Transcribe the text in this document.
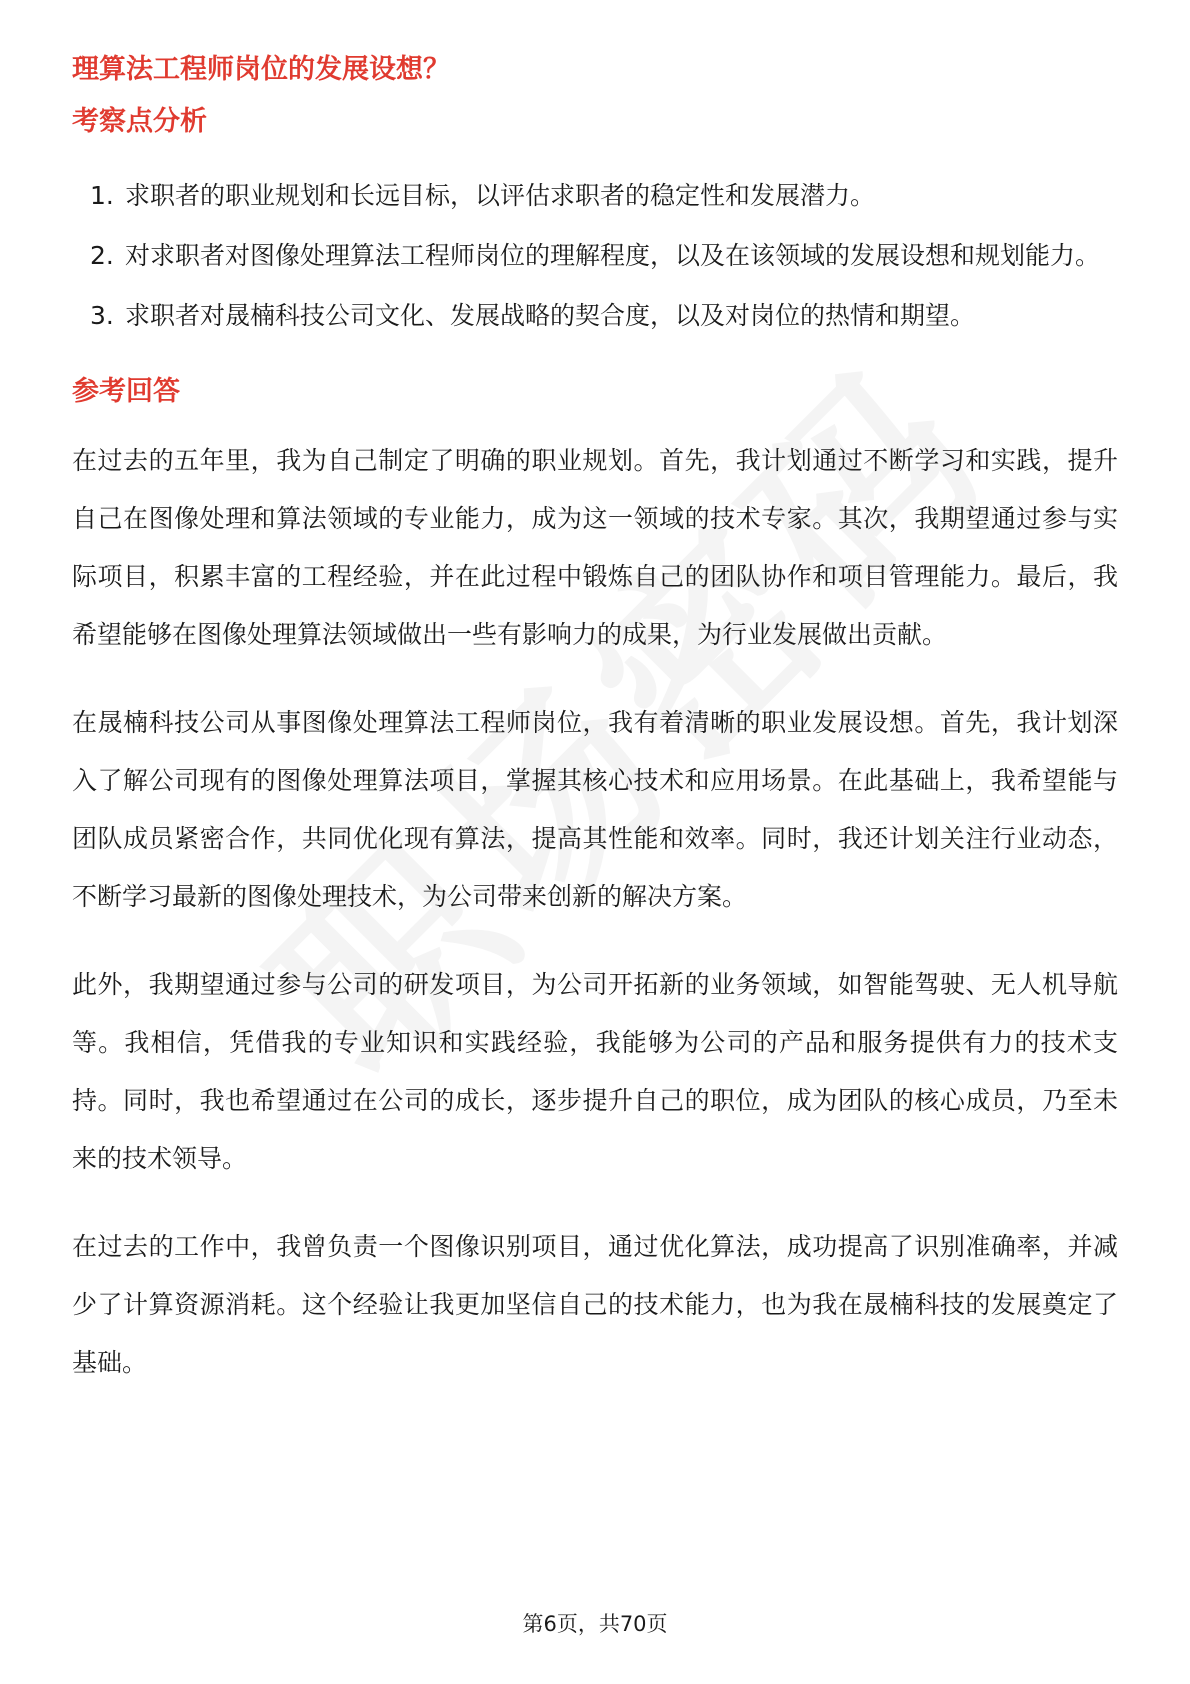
理算法工程师岗位的发展设想？
考察点分析
1. 求职者的职业规划和长远目标，以评估求职者的稳定性和发展潜力。
2. 对求职者对图像处理算法工程师岗位的理解程度，以及在该领域的发展设想和规划能力。
3. 求职者对晟楠科技公司文化、发展战略的契合度，以及对岗位的热情和期望。
参考回答

在过去的五年里，我为自己制定了明确的职业规划。首先，我计划通过不断学习和实践，提升自己在图像处理和算法领域的专业能力，成为这一领域的技术专家。其次，我期望通过参与实际项目，积累丰富的工程经验，并在此过程中锻炼自己的团队协作和项目管理能力。最后，我希望能够在图像处理算法领域做出一些有影响力的成果，为行业发展做出贡献。

在晟楠科技公司从事图像处理算法工程师岗位，我有着清晰的职业发展设想。首先，我计划深入了解公司现有的图像处理算法项目，掌握其核心技术和应用场景。在此基础上，我希望能与团队成员紧密合作，共同优化现有算法，提高其性能和效率。同时，我还计划关注行业动态，不断学习最新的图像处理技术，为公司带来创新的解决方案。

此外，我期望通过参与公司的研发项目，为公司开拓新的业务领域，如智能驾驶、无人机导航等。我相信，凭借我的专业知识和实践经验，我能够为公司的产品和服务提供有力的技术支持。同时，我也希望通过在公司的成长，逐步提升自己的职位，成为团队的核心成员，乃至未来的技术领导。

在过去的工作中，我曾负责一个图像识别项目，通过优化算法，成功提高了识别准确率，并减少了计算资源消耗。这个经验让我更加坚信自己的技术能力，也为我在晟楠科技的发展奠定了基础。

第6页，共70页
